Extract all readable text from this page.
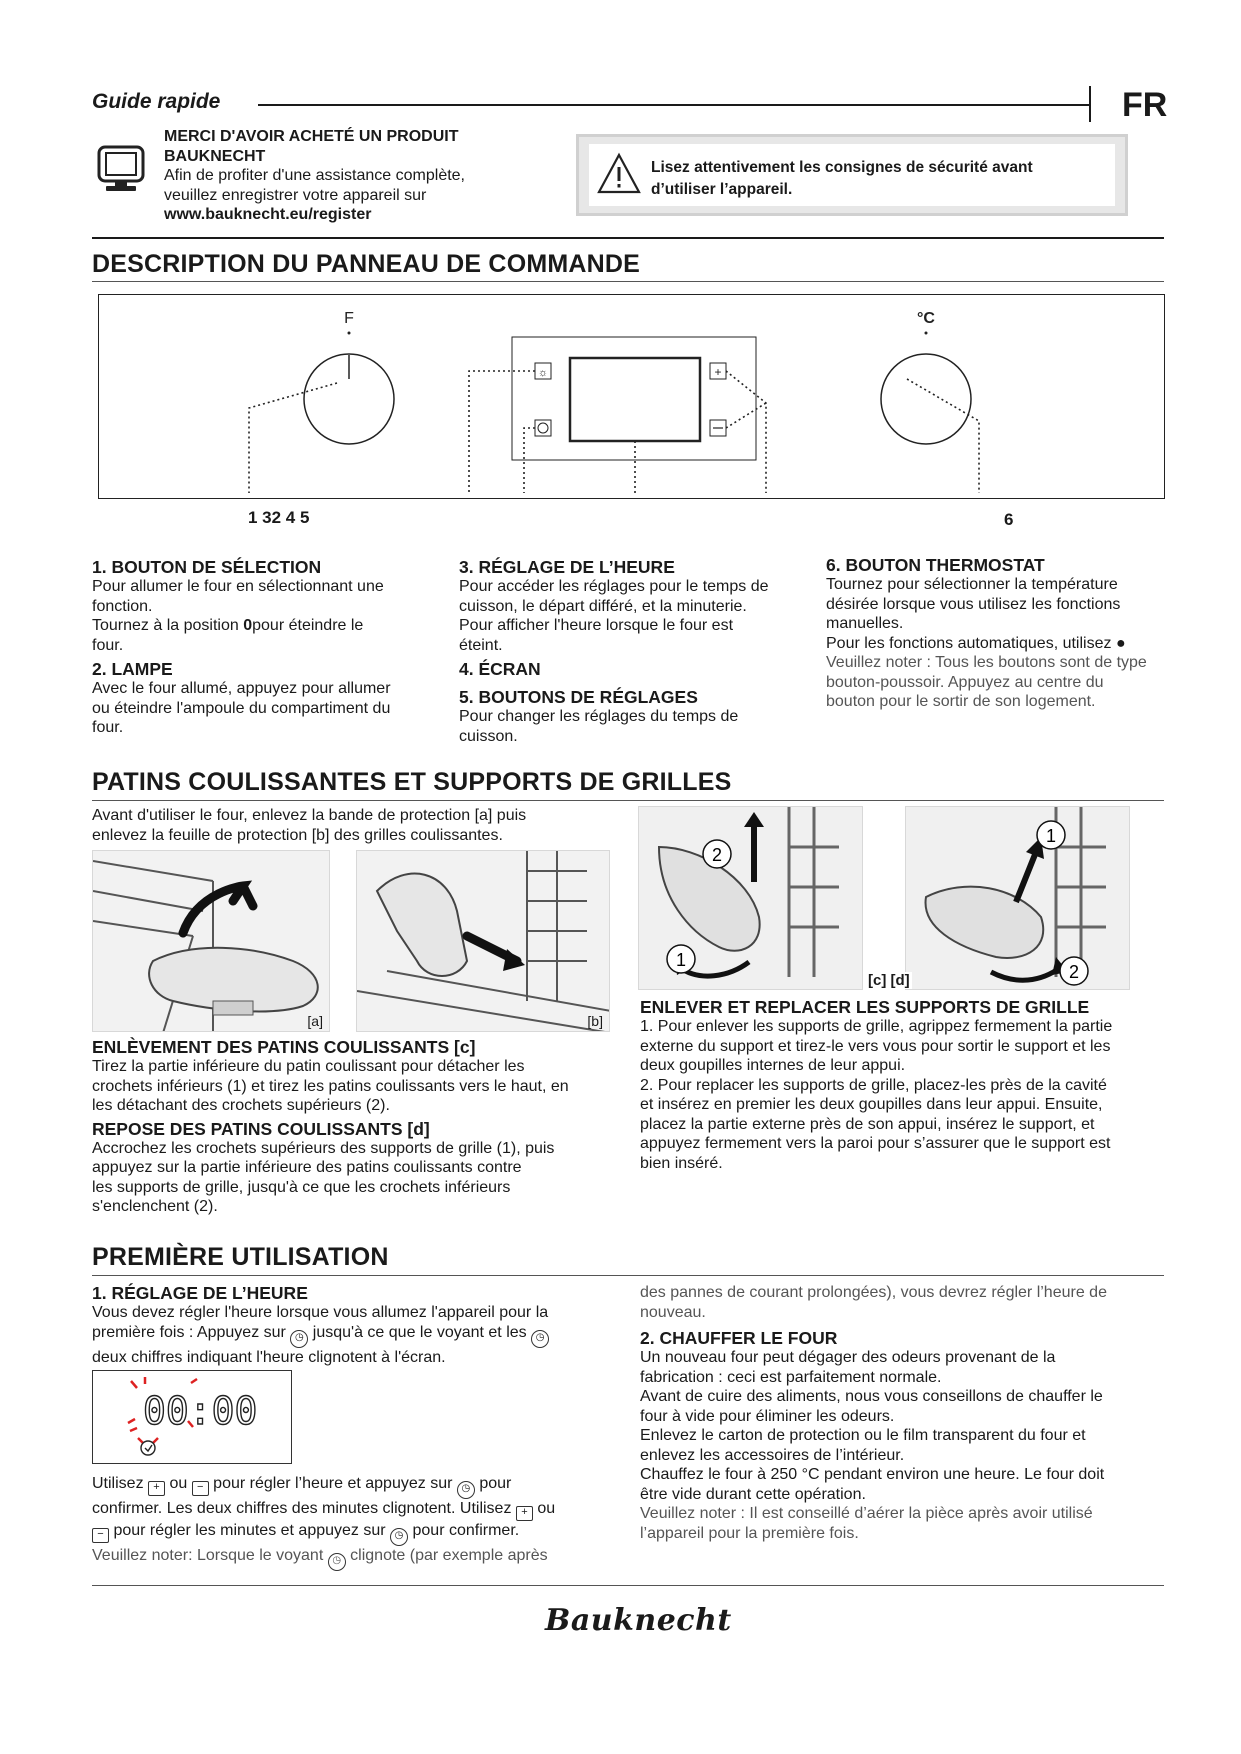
Guide rapide	FR
MERCI D'AVOIR ACHETÉ UN PRODUIT
BAUKNECHT
Afin de profiter d'une assistance complète,
veuillez enregistrer votre appareil sur
www.bauknecht.eu/register
Lisez attentivement les consignes de sécurité avant
d’utiliser l’appareil.
DESCRIPTION DU PANNEAU DE COMMANDE
F	°C
☼	+
1 32 4 5	6
1. BOUTON DE SÉLECTION
Pour allumer le four en sélectionnant une
fonction.
Tournez à la position 0pour éteindre le
four.
2. LAMPE
Avec le four allumé, appuyez pour allumer
ou éteindre l'ampoule du compartiment du
four.
3. RÉGLAGE DE L’HEURE
Pour accéder les réglages pour le temps de
cuisson, le départ différé, et la minuterie.
Pour afficher l'heure lorsque le four est
éteint.
4. ÉCRAN
5. BOUTONS DE RÉGLAGES
Pour changer les réglages du temps de
cuisson.
6. BOUTON THERMOSTAT
Tournez pour sélectionner la température
désirée lorsque vous utilisez les fonctions
manuelles.
Pour les fonctions automatiques, utilisez ●
Veuillez noter : Tous les boutons sont de type
bouton-poussoir. Appuyez au centre du
bouton pour le sortir de son logement.
PATINS COULISSANTES ET SUPPORTS DE GRILLES
Avant d'utiliser le four, enlevez la bande de protection [a] puis
enlevez la feuille de protection [b] des grilles coulissantes.
[a]	[b]
2
1
1
2
[c] [d]
ENLÈVEMENT DES PATINS COULISSANTS [c]
Tirez la partie inférieure du patin coulissant pour détacher les
crochets inférieurs (1) et tirez les patins coulissants vers le haut, en
les détachant des crochets supérieurs (2).
REPOSE DES PATINS COULISSANTS [d]
Accrochez les crochets supérieurs des supports de grille (1), puis
appuyez sur la partie inférieure des patins coulissants contre
les supports de grille, jusqu'à ce que les crochets inférieurs
s'enclenchent (2).
ENLEVER ET REPLACER LES SUPPORTS DE GRILLE
1. Pour enlever les supports de grille, agrippez fermement la partie
externe du support et tirez-le vers vous pour sortir le support et les
deux goupilles internes de leur appui.
2. Pour replacer les supports de grille, placez-les près de la cavité
et insérez en premier les deux goupilles dans leur appui. Ensuite,
placez la partie externe près de son appui, insérez le support, et
appuyez fermement vers la paroi pour s’assurer que le support est
bien inséré.
PREMIÈRE UTILISATION
1. RÉGLAGE DE L’HEURE
Vous devez régler l'heure lorsque vous allumez l'appareil pour la
première fois : Appuyez sur ◷ jusqu'à ce que le voyant et les ◷
deux chiffres indiquant l'heure clignotent à l'écran.
00:00
Utilisez + ou − pour régler l’heure et appuyez sur ◷ pour
confirmer. Les deux chiffres des minutes clignotent. Utilisez + ou
− pour régler les minutes et appuyez sur ◷ pour confirmer.
Veuillez noter: Lorsque le voyant ◷ clignote (par exemple après
des pannes de courant prolongées), vous devrez régler l’heure de
nouveau.
2. CHAUFFER LE FOUR
Un nouveau four peut dégager des odeurs provenant de la
fabrication : ceci est parfaitement normale.
Avant de cuire des aliments, nous vous conseillons de chauffer le
four à vide pour éliminer les odeurs.
Enlevez le carton de protection ou le film transparent du four et
enlevez les accessoires de l’intérieur.
Chauffez le four à 250 °C pendant environ une heure. Le four doit
être vide durant cette opération.
Veuillez noter : Il est conseillé d’aérer la pièce après avoir utilisé
l’appareil pour la première fois.
Bauknecht
